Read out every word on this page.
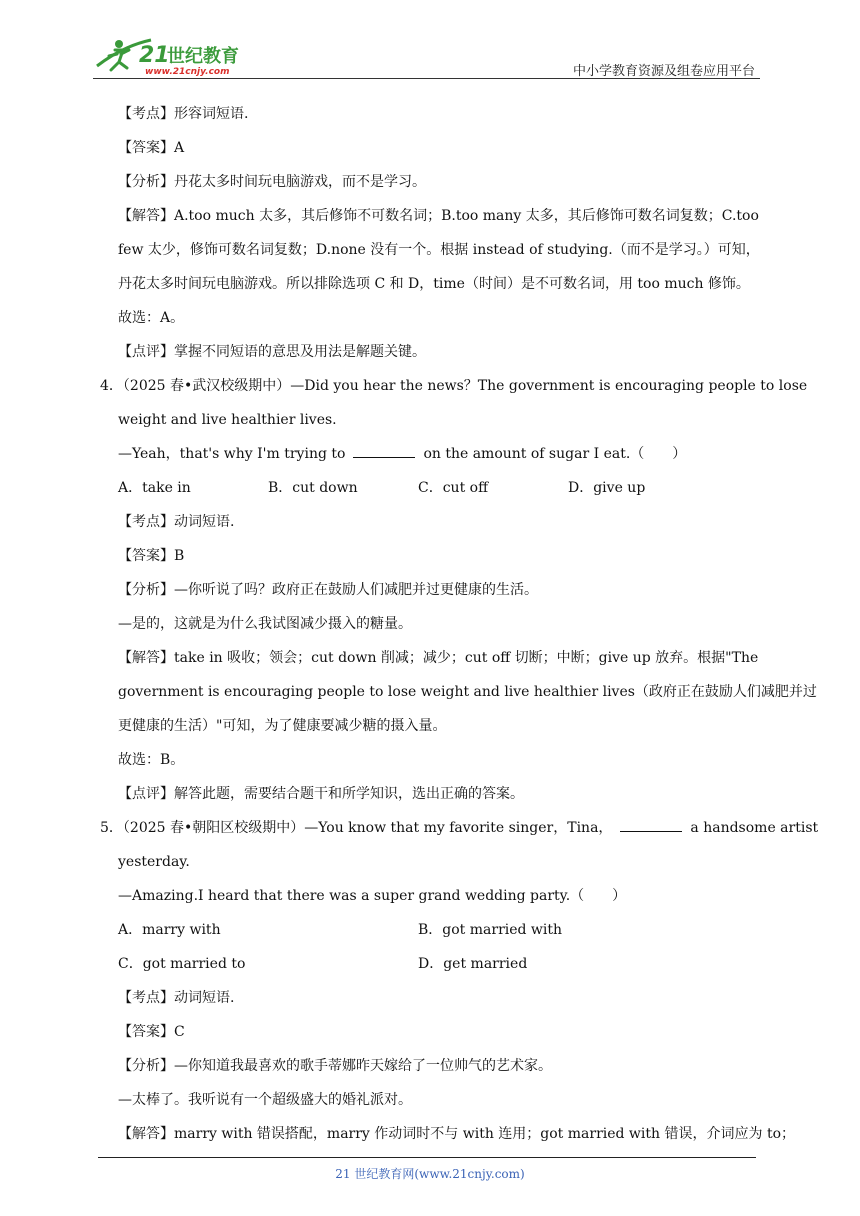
21
世纪教育
www.21cnjy.com	中小学教育资源及组卷应用平台
【考点】形容词短语.
【答案】A
【分析】丹花太多时间玩电脑游戏，而不是学习。
【解答】A.too much 太多，其后修饰不可数名词；B.too many 太多，其后修饰可数名词复数；C.too
few 太少，修饰可数名词复数；D.none 没有一个。根据 instead of studying.（而不是学习。）可知，
丹花太多时间玩电脑游戏。所以排除选项 C 和 D，time（时间）是不可数名词，用 too much 修饰。
故选：A。
【点评】掌握不同短语的意思及用法是解题关键。
4．（2025 春•武汉校级期中）—Did you hear the news？The government is encouraging people to lose
weight and live healthier lives.
—Yeah，that's why I'm trying to	on the amount of sugar I eat.（　　）
A．take in	B．cut down	C．cut off	D．give up
【考点】动词短语.
【答案】B
【分析】—你听说了吗？政府正在鼓励人们减肥并过更健康的生活。
—是的，这就是为什么我试图减少摄入的糖量。
【解答】take in 吸收；领会；cut down 削减；减少；cut off 切断；中断；give up 放弃。根据"The
government is encouraging people to lose weight and live healthier lives（政府正在鼓励人们减肥并过
更健康的生活）"可知，为了健康要减少糖的摄入量。
故选：B。
【点评】解答此题，需要结合题干和所学知识，选出正确的答案。
5．（2025 春•朝阳区校级期中）—You know that my favorite singer，Tina，	a handsome artist
yesterday.
—Amazing.I heard that there was a super grand wedding party.（　　）
A．marry with	B．got married with
C．got married to	D．get married
【考点】动词短语.
【答案】C
【分析】—你知道我最喜欢的歌手蒂娜昨天嫁给了一位帅气的艺术家。
—太棒了。我听说有一个超级盛大的婚礼派对。
【解答】marry with 错误搭配，marry 作动词时不与 with 连用；got married with 错误，介词应为 to；
21 世纪教育网(www.21cnjy.com)
